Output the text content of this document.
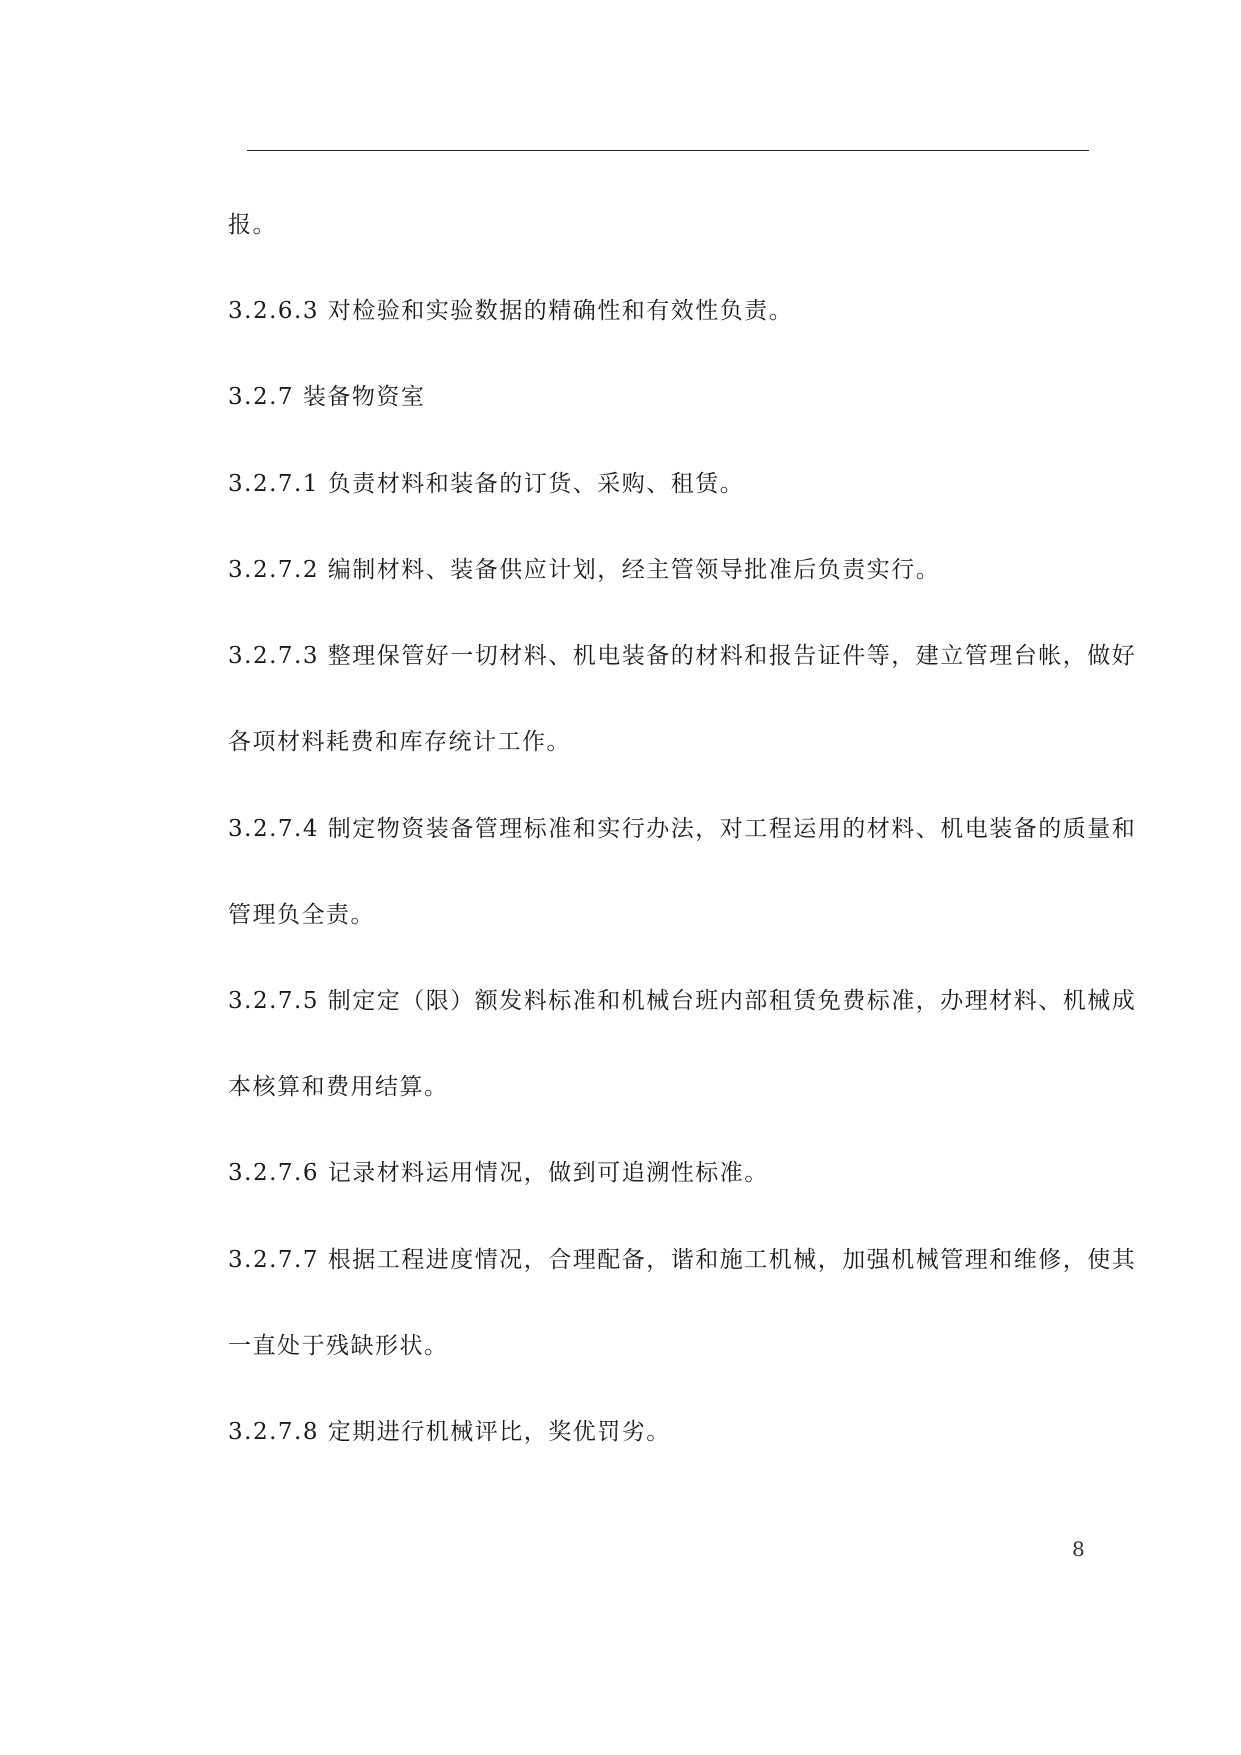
报。
3.2.6.3 对检验和实验数据的精确性和有效性负责。
3.2.7 装备物资室
3.2.7.1 负责材料和装备的订货、采购、租赁。
3.2.7.2 编制材料、装备供应计划，经主管领导批准后负责实行。
3.2.7.3 整理保管好一切材料、机电装备的材料和报告证件等，建立管理台帐，做好
各项材料耗费和库存统计工作。
3.2.7.4 制定物资装备管理标准和实行办法，对工程运用的材料、机电装备的质量和
管理负全责。
3.2.7.5 制定定（限）额发料标准和机械台班内部租赁免费标准，办理材料、机械成
本核算和费用结算。
3.2.7.6 记录材料运用情况，做到可追溯性标准。
3.2.7.7 根据工程进度情况，合理配备，谐和施工机械，加强机械管理和维修，使其
一直处于残缺形状。
3.2.7.8 定期进行机械评比，奖优罚劣。
8
